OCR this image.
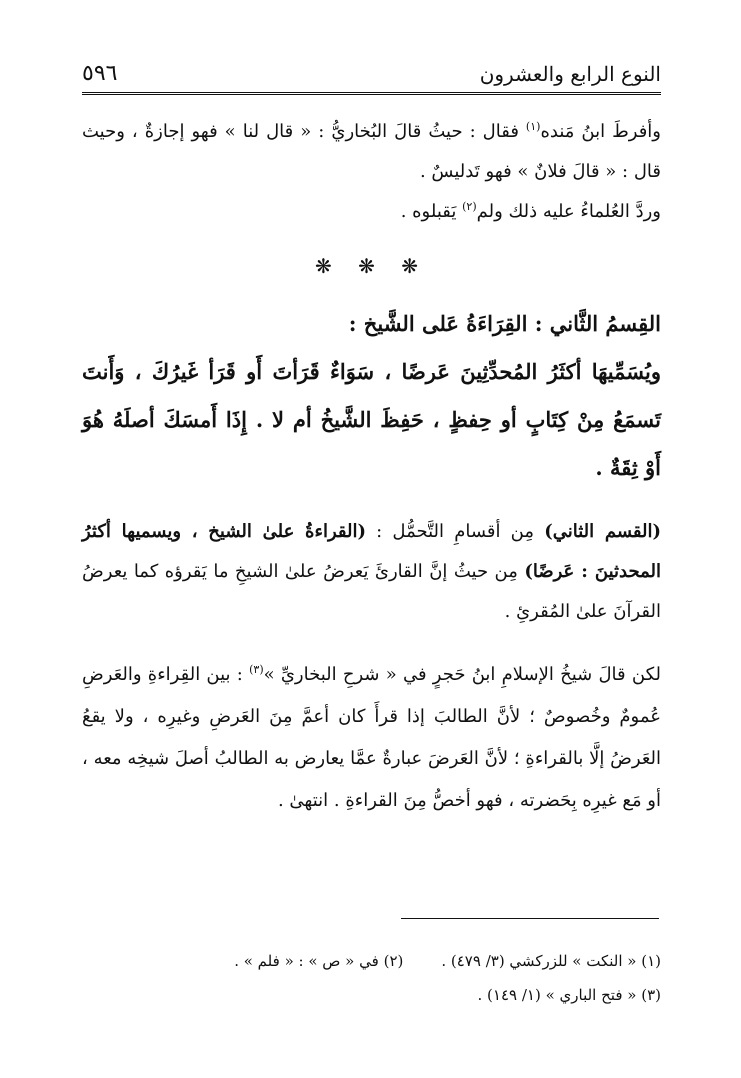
٥٩٦	النوع الرابع والعشرون

وأفرطَ ابنُ مَنده$^{(١)}$ فقال : حيثُ قالَ البُخاريُّ : « قال لنا » فهو إجازةٌ ، وحيث قال : « قالَ فلانٌ » فهو تَدليسٌ .

وردَّ العُلماءُ عليه ذلك ولم$^{(٢)}$ يَقبلوه .

❋ ❋ ❋

القِسمُ الثَّاني : القِرَاءَةُ عَلى الشَّيخ :

ويُسَمِّيهَا أكثَرُ المُحدِّثِينَ عَرضًا ، سَوَاءٌ قَرَأتَ أَو قَرَأ غَيرُكَ ، وَأَنتَ تَسمَعُ مِنْ كِتَابٍ أو حِفظٍ ، حَفِظَ الشَّيخُ أم لا . إِذَا أَمسَكَ أصلَهُ هُوَ أَوْ ثِقَةٌ .

(القسم الثاني) مِن أقسامِ التَّحمُّل : (القراءةُ علىٰ الشيخ ، ويسميها أكثرُ المحدثينَ : عَرضًا) مِن حيثُ إنَّ القارئَ يَعرضُ علىٰ الشيخِ ما يَقرؤه كما يعرضُ القرآنَ علىٰ المُقرئِ .

لكن قالَ شيخُ الإسلامِ ابنُ حَجرٍ في « شرحِ البخاريِّ »$^{(٣)}$ : بين القِراءةِ والعَرضِ عُمومٌ وخُصوصٌ ؛ لأنَّ الطالبَ إذا قرأَ كان أعمَّ مِنَ العَرضِ وغيرِه ، ولا يقعُ العَرضُ إلَّا بالقراءةِ ؛ لأنَّ العَرضَ عبارةٌ عمَّا يعارض به الطالبُ أصلَ شيخِه معه ، أو مَع غيرِه بِحَضرته ، فهو أخصُّ مِنَ القراءةِ . انتهىٰ .

(١) « النكت » للزركشي (٣/ ٤٧٩) .
(٢) في « ص » : « فلم » .
(٣) « فتح الباري » (١/ ١٤٩) .
